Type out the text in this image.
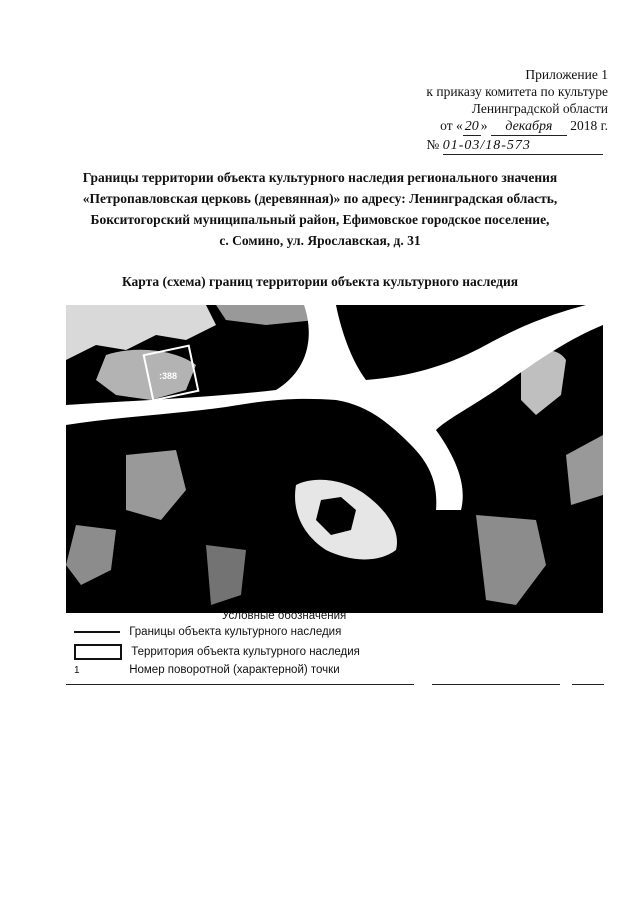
Приложение 1
к приказу комитета по культуре
Ленинградской области
от « 20 » декабря 2018 г.
№ 01-03/18-573
Границы территории объекта культурного наследия регионального значения
«Петропавловская церковь (деревянная)» по адресу: Ленинградская область,
Бокситогорский муниципальный район, Ефимовское городское поселение,
с. Сомино, ул. Ярославская, д. 31
Карта (схема) границ территории объекта культурного наследия
:388
Условные обозначения
Границы объекта культурного наследия
Территория объекта культурного наследия
1	Номер поворотной (характерной) точки
